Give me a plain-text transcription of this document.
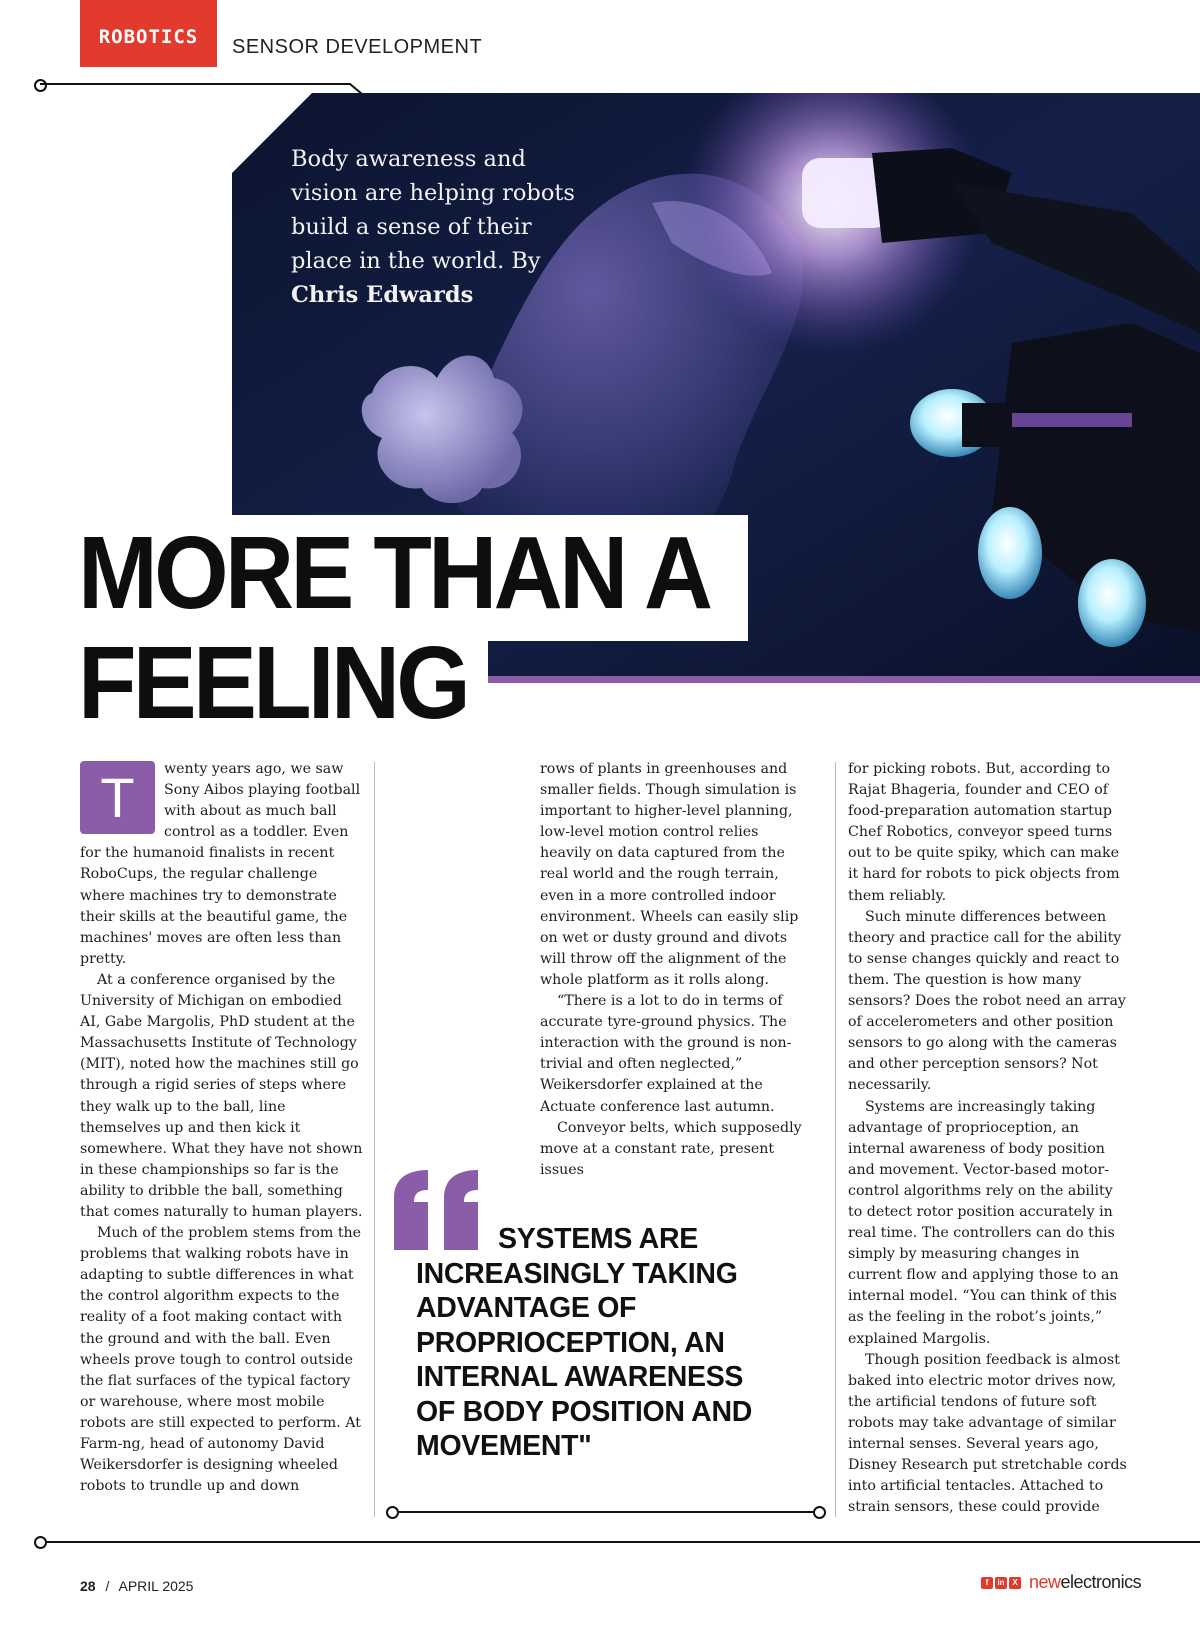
ROBOTICS	SENSOR DEVELOPMENT
Body awareness and vision are helping robots build a sense of their place in the world. By Chris Edwards
MORE THAN A
FEELING
T	wenty years ago, we saw Sony Aibos playing football with about as much ball control as a toddler. Even for the humanoid finalists in recent RoboCups, the regular challenge where machines try to demonstrate their skills at the beautiful game, the machines' moves are often less than pretty.

At a conference organised by the University of Michigan on embodied AI, Gabe Margolis, PhD student at the Massachusetts Institute of Technology (MIT), noted how the machines still go through a rigid series of steps where they walk up to the ball, line themselves up and then kick it somewhere. What they have not shown in these championships so far is the ability to dribble the ball, something that comes naturally to human players.

Much of the problem stems from the problems that walking robots have in adapting to subtle differences in what the control algorithm expects to the reality of a foot making contact with the ground and with the ball. Even wheels prove tough to control outside the flat surfaces of the typical factory or warehouse, where most mobile robots are still expected to perform. At Farm-ng, head of autonomy David Weikersdorfer is designing wheeled robots to trundle up and down

rows of plants in greenhouses and smaller fields. Though simulation is important to higher-level planning, low-level motion control relies heavily on data captured from the real world and the rough terrain, even in a more controlled indoor environment. Wheels can easily slip on wet or dusty ground and divots will throw off the alignment of the whole platform as it rolls along.

“There is a lot to do in terms of accurate tyre-ground physics. The interaction with the ground is non-trivial and often neglected,” Weikersdorfer explained at the Actuate conference last autumn.

Conveyor belts, which supposedly move at a constant rate, present issues

for picking robots. But, according to Rajat Bhageria, founder and CEO of food-preparation automation startup Chef Robotics, conveyor speed turns out to be quite spiky, which can make it hard for robots to pick objects from them reliably.

Such minute differences between theory and practice call for the ability to sense changes quickly and react to them. The question is how many sensors? Does the robot need an array of accelerometers and other position sensors to go along with the cameras and other perception sensors? Not necessarily.

Systems are increasingly taking advantage of proprioception, an internal awareness of body position and movement. Vector-based motor-control algorithms rely on the ability to detect rotor position accurately in real time. The controllers can do this simply by measuring changes in current flow and applying those to an internal model. “You can think of this as the feeling in the robot’s joints,” explained Margolis.

Though position feedback is almost baked into electric motor drives now, the artificial tendons of future soft robots may take advantage of similar internal senses. Several years ago, Disney Research put stretchable cords into artificial tentacles. Attached to strain sensors, these could provide

SYSTEMS ARE INCREASINGLY TAKING ADVANTAGE OF PROPRIOCEPTION, AN INTERNAL AWARENESS OF BODY POSITION AND MOVEMENT"
28 / APRIL 2025	f	in X newelectronics
